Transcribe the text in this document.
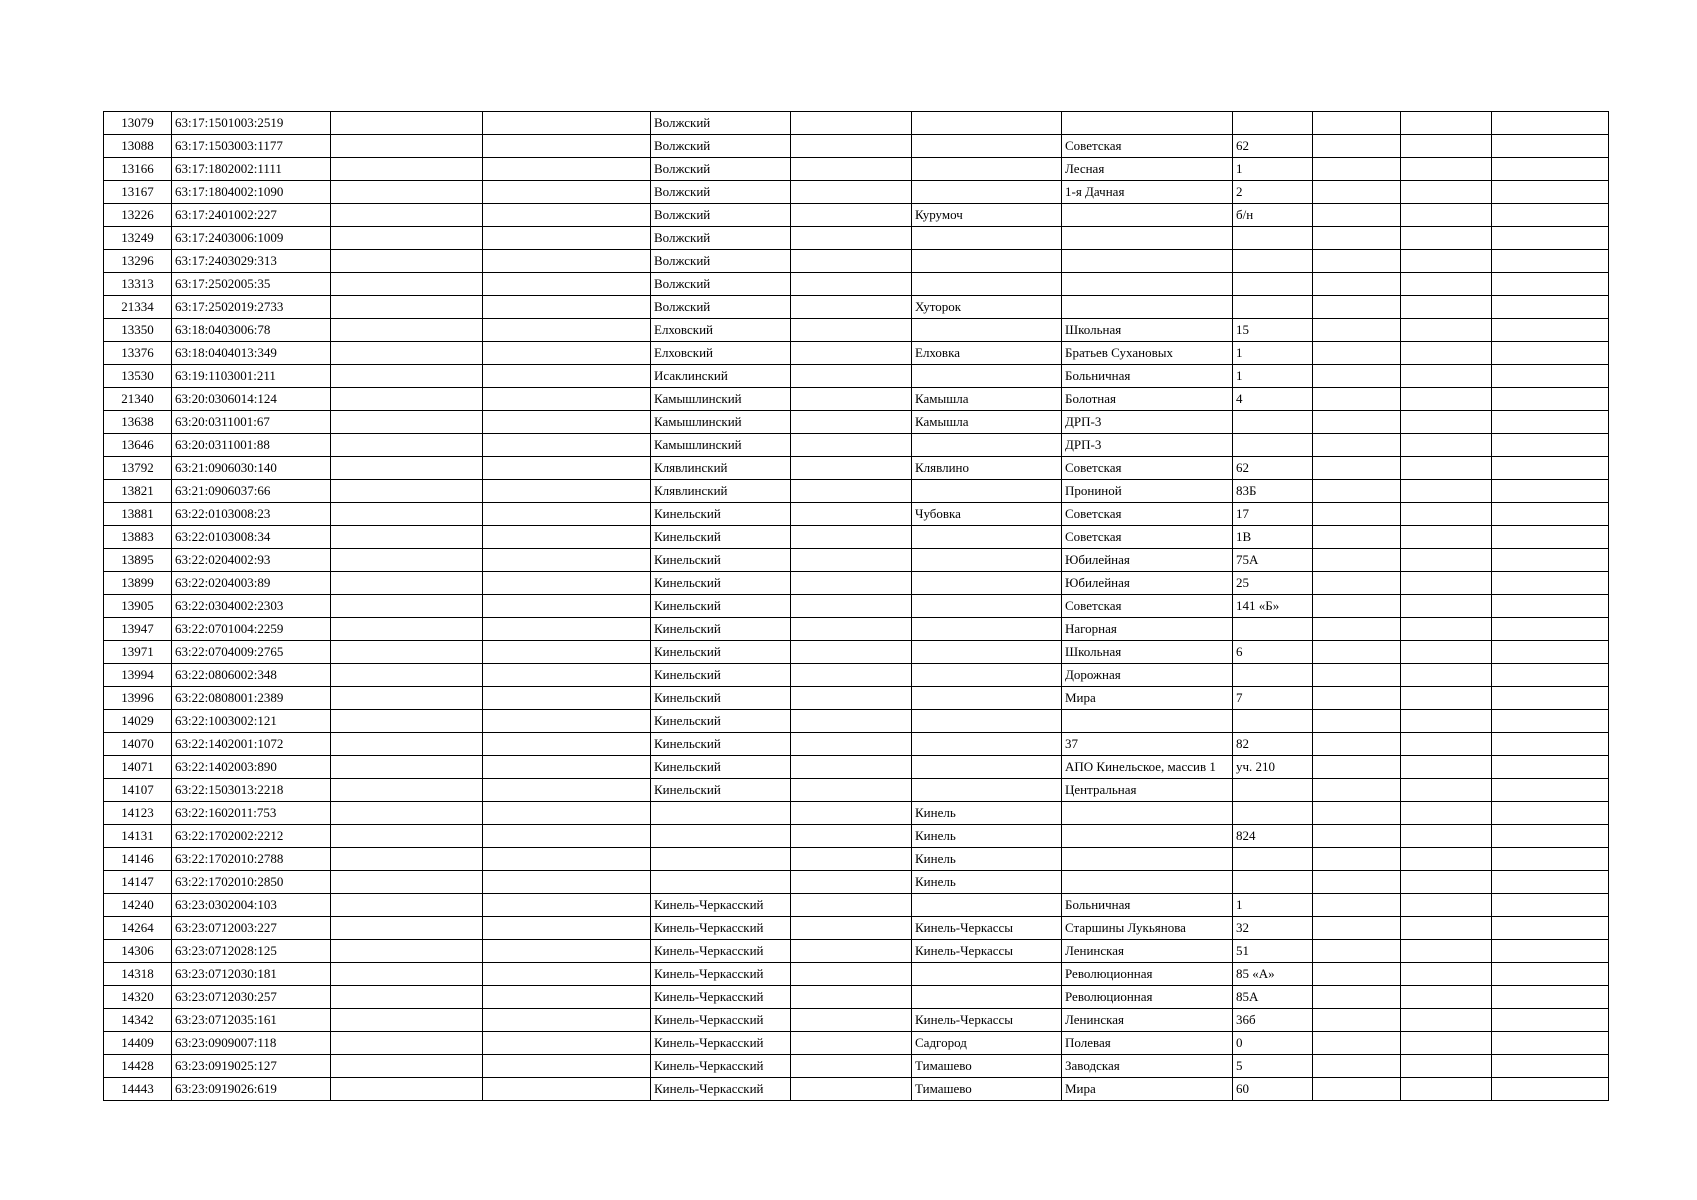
13079	63:17:1501003:2519			Волжский							
13088	63:17:1503003:1177			Волжский			Советская	62			
13166	63:17:1802002:1111			Волжский			Лесная	1			
13167	63:17:1804002:1090			Волжский			1-я Дачная	2			
13226	63:17:2401002:227			Волжский		Курумоч		б/н			
13249	63:17:2403006:1009			Волжский							
13296	63:17:2403029:313			Волжский							
13313	63:17:2502005:35			Волжский							
21334	63:17:2502019:2733			Волжский		Хуторок					
13350	63:18:0403006:78			Елховский			Школьная	15			
13376	63:18:0404013:349			Елховский		Елховка	Братьев Сухановых	1			
13530	63:19:1103001:211			Исаклинский			Больничная	1			
21340	63:20:0306014:124			Камышлинский		Камышла	Болотная	4			
13638	63:20:0311001:67			Камышлинский		Камышла	ДРП-3				
13646	63:20:0311001:88			Камышлинский			ДРП-3				
13792	63:21:0906030:140			Клявлинский		Клявлино	Советская	62			
13821	63:21:0906037:66			Клявлинский			Прониной	83Б			
13881	63:22:0103008:23			Кинельский		Чубовка	Советская	17			
13883	63:22:0103008:34			Кинельский			Советская	1В			
13895	63:22:0204002:93			Кинельский			Юбилейная	75А			
13899	63:22:0204003:89			Кинельский			Юбилейная	25			
13905	63:22:0304002:2303			Кинельский			Советская	141 «Б»			
13947	63:22:0701004:2259			Кинельский			Нагорная				
13971	63:22:0704009:2765			Кинельский			Школьная	6			
13994	63:22:0806002:348			Кинельский			Дорожная				
13996	63:22:0808001:2389			Кинельский			Мира	7			
14029	63:22:1003002:121			Кинельский							
14070	63:22:1402001:1072			Кинельский			37	82			
14071	63:22:1402003:890			Кинельский			АПО Кинельское, массив 1	уч. 210			
14107	63:22:1503013:2218			Кинельский			Центральная				
14123	63:22:1602011:753					Кинель					
14131	63:22:1702002:2212					Кинель		824			
14146	63:22:1702010:2788					Кинель					
14147	63:22:1702010:2850					Кинель					
14240	63:23:0302004:103			Кинель-Черкасский			Больничная	1			
14264	63:23:0712003:227			Кинель-Черкасский		Кинель-Черкассы	Старшины Лукьянова	32			
14306	63:23:0712028:125			Кинель-Черкасский		Кинель-Черкассы	Ленинская	51			
14318	63:23:0712030:181			Кинель-Черкасский			Революционная	85 «А»			
14320	63:23:0712030:257			Кинель-Черкасский			Революционная	85А			
14342	63:23:0712035:161			Кинель-Черкасский		Кинель-Черкассы	Ленинская	36б			
14409	63:23:0909007:118			Кинель-Черкасский		Садгород	Полевая	0			
14428	63:23:0919025:127			Кинель-Черкасский		Тимашево	Заводская	5			
14443	63:23:0919026:619			Кинель-Черкасский		Тимашево	Мира	60			
